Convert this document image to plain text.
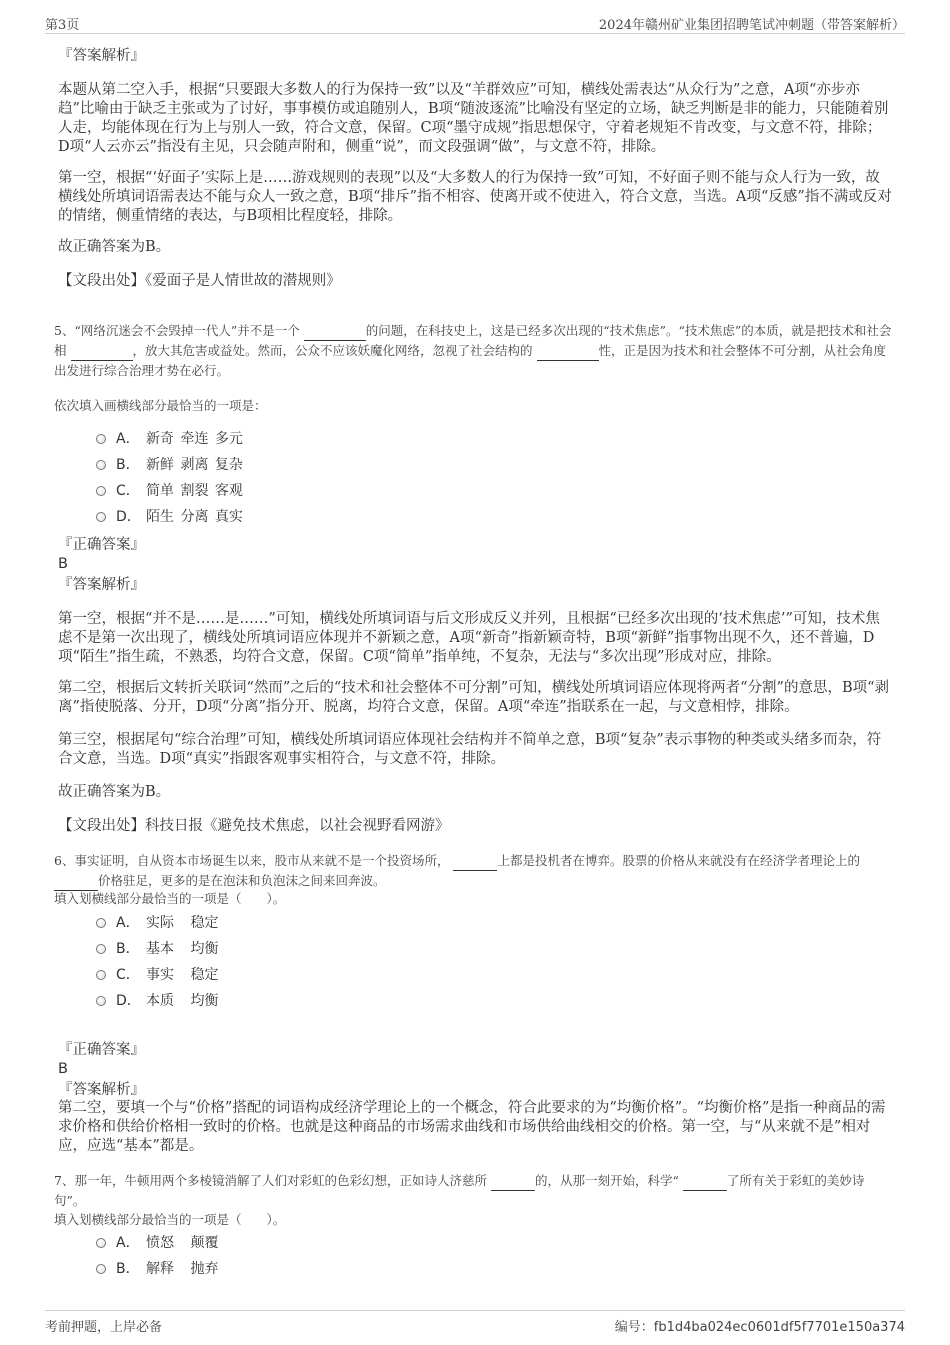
第3页	2024年赣州矿业集团招聘笔试冲刺题（带答案解析）

『答案解析』

本题从第二空入手，根据“只要跟大多数人的行为保持一致”以及“羊群效应”可知，横线处需表达“从众行为”之意，A项“亦步亦趋”比喻由于缺乏主张或为了讨好，事事模仿或追随别人，B项“随波逐流”比喻没有坚定的立场，缺乏判断是非的能力，只能随着别人走，均能体现在行为上与别人一致，符合文意，保留。C项“墨守成规”指思想保守，守着老规矩不肯改变，与文意不符，排除；D项“人云亦云”指没有主见，只会随声附和，侧重“说”，而文段强调“做”，与文意不符，排除。

第一空，根据“‘好面子’实际上是……游戏规则的表现”以及“大多数人的行为保持一致”可知，不好面子则不能与众人行为一致，故横线处所填词语需表达不能与众人一致之意，B项“排斥”指不相容、使离开或不使进入，符合文意，当选。A项“反感”指不满或反对的情绪，侧重情绪的表达，与B项相比程度轻，排除。

故正确答案为B。

【文段出处】《爱面子是人情世故的潜规则》

5、“网络沉迷会不会毁掉一代人”并不是一个	的问题，在科技史上，这是已经多次出现的“技术焦虑”。“技术焦虑”的本质，就是把技术和社会相	，放大其危害或益处。然而，公众不应该妖魔化网络，忽视了社会结构的	性，正是因为技术和社会整体不可分割，从社会角度出发进行综合治理才势在必行。

依次填入画横线部分最恰当的一项是：

A． 新奇 牵连 多元
B． 新鲜 剥离 复杂
C． 简单 割裂 客观
D． 陌生 分离 真实

『正确答案』

B

『答案解析』

第一空，根据“并不是……是……”可知，横线处所填词语与后文形成反义并列，且根据“已经多次出现的‘技术焦虑’”可知，技术焦虑不是第一次出现了，横线处所填词语应体现并不新颖之意，A项“新奇”指新颖奇特，B项“新鲜”指事物出现不久，还不普遍，D项“陌生”指生疏，不熟悉，均符合文意，保留。C项“简单”指单纯，不复杂，无法与“多次出现”形成对应，排除。

第二空，根据后文转折关联词“然而”之后的“技术和社会整体不可分割”可知，横线处所填词语应体现将两者“分割”的意思，B项“剥离”指使脱落、分开，D项“分离”指分开、脱离，均符合文意，保留。A项“牵连”指联系在一起，与文意相悖，排除。

第三空，根据尾句“综合治理”可知，横线处所填词语应体现社会结构并不简单之意，B项“复杂”表示事物的种类或头绪多而杂，符合文意，当选。D项“真实”指跟客观事实相符合，与文意不符，排除。

故正确答案为B。

【文段出处】科技日报《避免技术焦虑，以社会视野看网游》

6、事实证明，自从资本市场诞生以来，股市从来就不是一个投资场所，	上都是投机者在博弈。股票的价格从来就没有在经济学者理论上的  价格驻足，更多的是在泡沫和负泡沫之间来回奔波。

填入划横线部分最恰当的一项是（　　）。

A． 实际 稳定
B． 基本 均衡
C． 事实 稳定
D． 本质 均衡

『正确答案』

B

『答案解析』

第二空，要填一个与“价格”搭配的词语构成经济学理论上的一个概念，符合此要求的为“均衡价格”。“均衡价格”是指一种商品的需求价格和供给价格相一致时的价格。也就是这种商品的市场需求曲线和市场供给曲线相交的价格。第一空，与“从来就不是”相对应，应选“基本”都是。

7、那一年，牛顿用两个多棱镜消解了人们对彩虹的色彩幻想，正如诗人济慈所	的，从那一刻开始，科学“	了所有关于彩虹的美妙诗句”。

填入划横线部分最恰当的一项是（　　）。

A． 愤怒 颠覆
B． 解释 抛弃
考前押题，上岸必备	编号：fb1d4ba024ec0601df5f7701e150a374
